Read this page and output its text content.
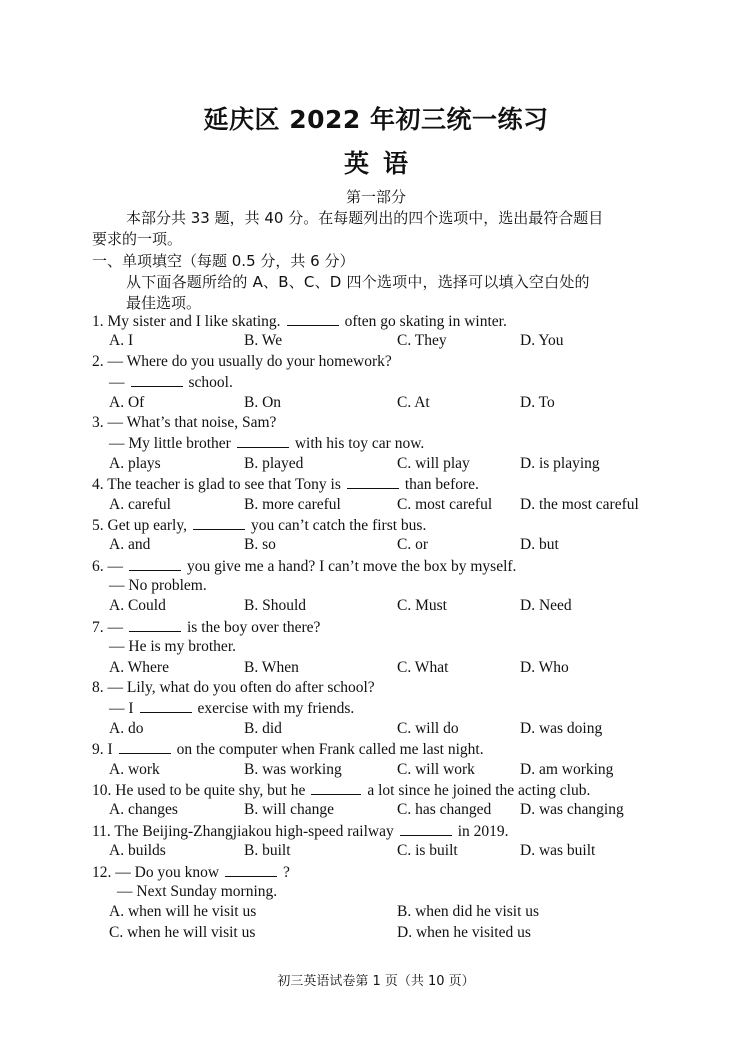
延庆区 2022 年初三统一练习
英语
第一部分
本部分共 33 题，共 40 分。在每题列出的四个选项中，选出最符合题目
要求的一项。
一、单项填空（每题 0.5 分，共 6 分）
从下面各题所给的 A、B、C、D 四个选项中，选择可以填入空白处的
最佳选项。
1. My sister and I like skating.	often go skating in winter.
A. I	B. We	C. They	D. You
2. — Where do you usually do your homework?
—	school.
A. Of	B. On	C. At	D. To
3. — What’s that noise, Sam?
— My little brother	with his toy car now.
A. plays	B. played	C. will play	D. is playing
4. The teacher is glad to see that Tony is	than before.
A. careful	B. more careful	C. most careful D. the most careful
5. Get up early,	you can’t catch the first bus.
A. and	B. so	C. or	D. but
6. —	you give me a hand? I can’t move the box by myself.
— No problem.
A. Could	B. Should	C. Must	D. Need
7. —	is the boy over there?
— He is my brother.
A. Where	B. When	C. What	D. Who
8. — Lily, what do you often do after school?
— I	exercise with my friends.
A. do	B. did	C. will do	D. was doing
9. I	on the computer when Frank called me last night.
A. work	B. was working	C. will work	D. am working
10. He used to be quite shy, but he	a lot since he joined the acting club.
A. changes	B. will change	C. has changed D. was changing
11. The Beijing-Zhangjiakou high-speed railway	in 2019.
A. builds	B. built	C. is built	D. was built
12. — Do you know	?
— Next Sunday morning.
A. when will he visit us	B. when did he visit us
C. when he will visit us	D. when he visited us
初三英语试卷第 1 页（共 10 页）
